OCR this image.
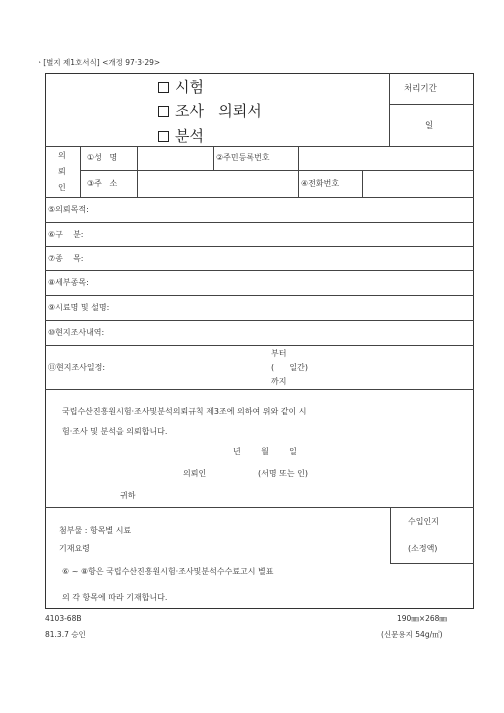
ㆍ[별지 제1호서식] <개정 97·3·29>
시험
조사   의뢰서
분석
처리기간
일
의
뢰
인
①성   명	②주민등록번호
③주   소	④전화번호
⑤의뢰목적:
⑥구    분:
⑦종    목:
⑧세부종목:
⑨시료명 및 설명:
⑩현지조사내역:
⑪현지조사일정:
부터
(      일간)
까지
국립수산진흥원시험·조사및분석의뢰규칙 제3조에 의하여 위와 같이 시
험·조사 및 분석을 의뢰합니다.
년        월        일
의뢰인	(서명 또는 인)
귀하
첨부물 : 항목별 시료
기재요령
⑥ ~ ⑧항은 국립수산진흥원시험·조사및분석수수료고시 별표
의 각 항목에 따라 기재합니다.
수입인지
(소정액)
4103-68B	190㎜×268㎜
81.3.7 승인	(신문용지 54g/㎡)
